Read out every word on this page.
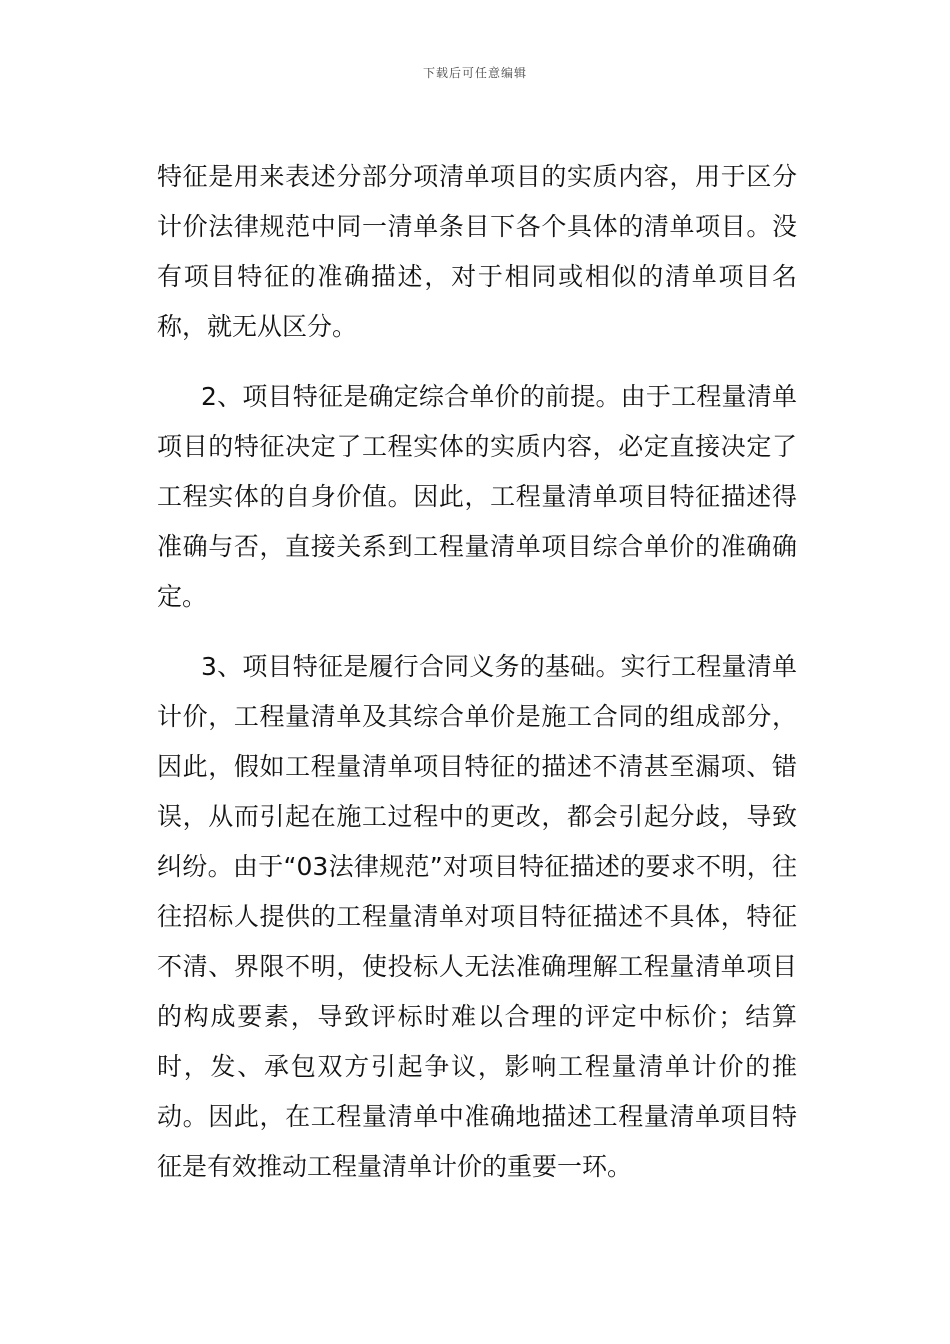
下载后可任意编辑

特征是用来表述分部分项清单项目的实质内容，用于区分计价法律规范中同一清单条目下各个具体的清单项目。没有项目特征的准确描述，对于相同或相似的清单项目名称，就无从区分。

2、项目特征是确定综合单价的前提。由于工程量清单项目的特征决定了工程实体的实质内容，必定直接决定了工程实体的自身价值。因此，工程量清单项目特征描述得准确与否，直接关系到工程量清单项目综合单价的准确确定。

3、项目特征是履行合同义务的基础。实行工程量清单计价，工程量清单及其综合单价是施工合同的组成部分，因此，假如工程量清单项目特征的描述不清甚至漏项、错误，从而引起在施工过程中的更改，都会引起分歧，导致纠纷。由于“03法律规范”对项目特征描述的要求不明，往往招标人提供的工程量清单对项目特征描述不具体，特征不清、界限不明，使投标人无法准确理解工程量清单项目的构成要素，导致评标时难以合理的评定中标价；结算时，发、承包双方引起争议，影响工程量清单计价的推动。因此，在工程量清单中准确地描述工程量清单项目特征是有效推动工程量清单计价的重要一环。
